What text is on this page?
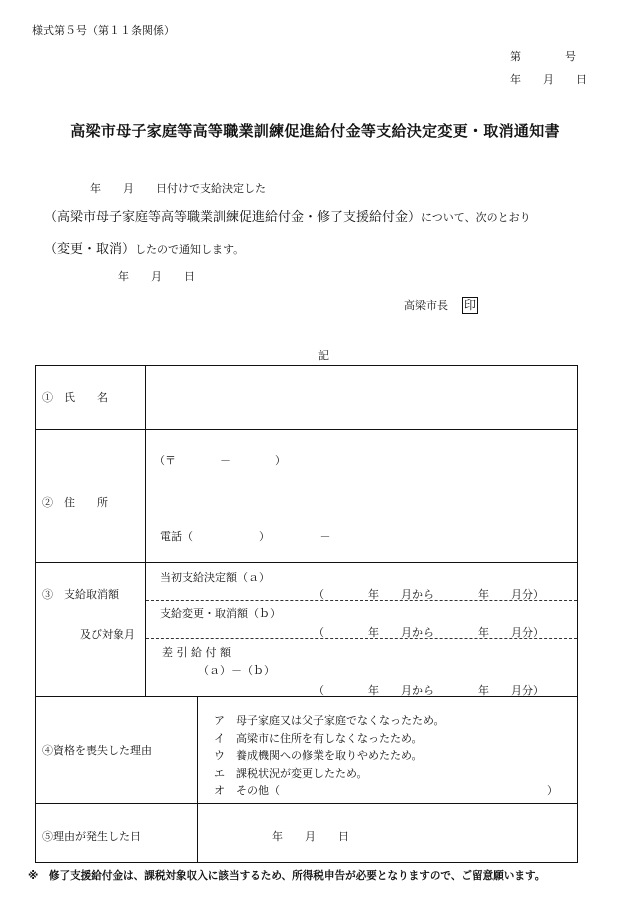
様式第５号（第１１条関係）
第　　　　号
年　　月　　日
高梁市母子家庭等高等職業訓練促進給付金等支給決定変更・取消通知書
年　　月　　日付けで支給決定した
（高梁市母子家庭等高等職業訓練促進給付金・修了支援給付金）について、次のとおり
（変更・取消）したので通知します。
年　　月　　日
高梁市長 印
記
①　氏　　名
②　住　　所
（〒　　　　－　　　　）
電話（　　　　　　）　　　　　－
③　支給取消額
及び対象月
当初支給決定額（ａ）
（　　　　年　　月から　　　　年　　月分）
支給変更・取消額（ｂ）
（　　　　年　　月から　　　　年　　月分）
差 引 給 付 額
（ａ）－（ｂ）
（　　　　年　　月から　　　　年　　月分）
④資格を喪失した理由
ア　母子家庭又は父子家庭でなくなったため。
イ　高梁市に住所を有しなくなったため。
ウ　養成機関への修業を取りやめたため。
エ　課税状況が変更したため。
オ　その他（	）
⑤理由が発生した日	年　　月　　日
※　修了支援給付金は、課税対象収入に該当するため、所得税申告が必要となりますので、ご留意願います。
